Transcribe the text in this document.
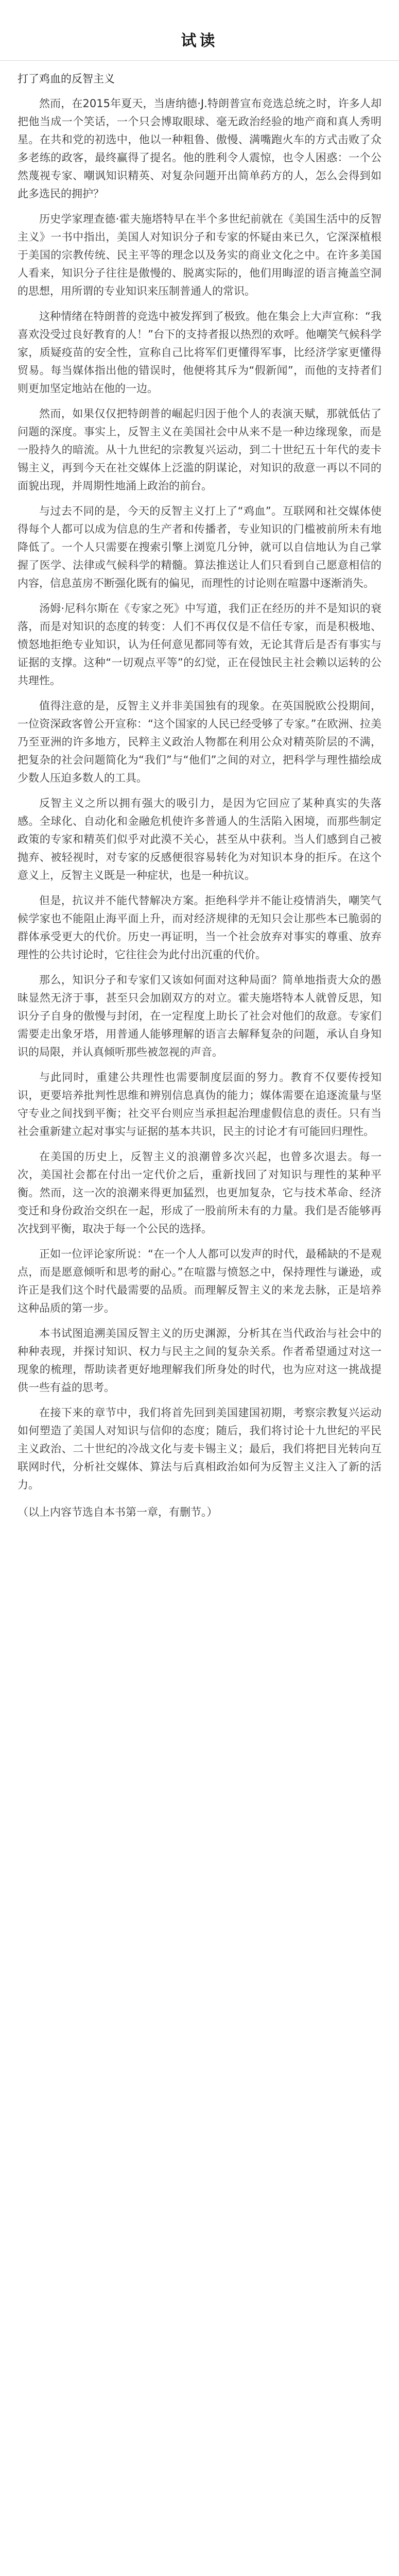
试读

打了鸡血的反智主义

然而，在2015年夏天，当唐纳德·J.特朗普宣布竞选总统之时，许多人却把他当成一个笑话，一个只会博取眼球、毫无政治经验的地产商和真人秀明星。在共和党的初选中，他以一种粗鲁、傲慢、满嘴跑火车的方式击败了众多老练的政客，最终赢得了提名。他的胜利令人震惊，也令人困惑：一个公然蔑视专家、嘲讽知识精英、对复杂问题开出简单药方的人，怎么会得到如此多选民的拥护？

历史学家理查德·霍夫施塔特早在半个多世纪前就在《美国生活中的反智主义》一书中指出，美国人对知识分子和专家的怀疑由来已久，它深深植根于美国的宗教传统、民主平等的理念以及务实的商业文化之中。在许多美国人看来，知识分子往往是傲慢的、脱离实际的，他们用晦涩的语言掩盖空洞的思想，用所谓的专业知识来压制普通人的常识。

这种情绪在特朗普的竞选中被发挥到了极致。他在集会上大声宣称：“我喜欢没受过良好教育的人！”台下的支持者报以热烈的欢呼。他嘲笑气候科学家，质疑疫苗的安全性，宣称自己比将军们更懂得军事，比经济学家更懂得贸易。每当媒体指出他的错误时，他便将其斥为“假新闻”，而他的支持者们则更加坚定地站在他的一边。

然而，如果仅仅把特朗普的崛起归因于他个人的表演天赋，那就低估了问题的深度。事实上，反智主义在美国社会中从来不是一种边缘现象，而是一股持久的暗流。从十九世纪的宗教复兴运动，到二十世纪五十年代的麦卡锡主义，再到今天在社交媒体上泛滥的阴谋论，对知识的敌意一再以不同的面貌出现，并周期性地涌上政治的前台。

与过去不同的是，今天的反智主义打上了“鸡血”。互联网和社交媒体使得每个人都可以成为信息的生产者和传播者，专业知识的门槛被前所未有地降低了。一个人只需要在搜索引擎上浏览几分钟，就可以自信地认为自己掌握了医学、法律或气候科学的精髓。算法推送让人们只看到自己愿意相信的内容，信息茧房不断强化既有的偏见，而理性的讨论则在喧嚣中逐渐消失。

汤姆·尼科尔斯在《专家之死》中写道，我们正在经历的并不是知识的衰落，而是对知识的态度的转变：人们不再仅仅是不信任专家，而是积极地、愤怒地拒绝专业知识，认为任何意见都同等有效，无论其背后是否有事实与证据的支撑。这种“一切观点平等”的幻觉，正在侵蚀民主社会赖以运转的公共理性。

值得注意的是，反智主义并非美国独有的现象。在英国脱欧公投期间，一位资深政客曾公开宣称：“这个国家的人民已经受够了专家。”在欧洲、拉美乃至亚洲的许多地方，民粹主义政治人物都在利用公众对精英阶层的不满，把复杂的社会问题简化为“我们”与“他们”之间的对立，把科学与理性描绘成少数人压迫多数人的工具。

反智主义之所以拥有强大的吸引力，是因为它回应了某种真实的失落感。全球化、自动化和金融危机使许多普通人的生活陷入困境，而那些制定政策的专家和精英们似乎对此漠不关心，甚至从中获利。当人们感到自己被抛弃、被轻视时，对专家的反感便很容易转化为对知识本身的拒斥。在这个意义上，反智主义既是一种症状，也是一种抗议。

但是，抗议并不能代替解决方案。拒绝科学并不能让疫情消失，嘲笑气候学家也不能阻止海平面上升，而对经济规律的无知只会让那些本已脆弱的群体承受更大的代价。历史一再证明，当一个社会放弃对事实的尊重、放弃理性的公共讨论时，它往往会为此付出沉重的代价。

那么，知识分子和专家们又该如何面对这种局面？简单地指责大众的愚昧显然无济于事，甚至只会加剧双方的对立。霍夫施塔特本人就曾反思，知识分子自身的傲慢与封闭，在一定程度上助长了社会对他们的敌意。专家们需要走出象牙塔，用普通人能够理解的语言去解释复杂的问题，承认自身知识的局限，并认真倾听那些被忽视的声音。

与此同时，重建公共理性也需要制度层面的努力。教育不仅要传授知识，更要培养批判性思维和辨别信息真伪的能力；媒体需要在追逐流量与坚守专业之间找到平衡；社交平台则应当承担起治理虚假信息的责任。只有当社会重新建立起对事实与证据的基本共识，民主的讨论才有可能回归理性。

在美国的历史上，反智主义的浪潮曾多次兴起，也曾多次退去。每一次，美国社会都在付出一定代价之后，重新找回了对知识与理性的某种平衡。然而，这一次的浪潮来得更加猛烈，也更加复杂，它与技术革命、经济变迁和身份政治交织在一起，形成了一股前所未有的力量。我们是否能够再次找到平衡，取决于每一个公民的选择。

正如一位评论家所说：“在一个人人都可以发声的时代，最稀缺的不是观点，而是愿意倾听和思考的耐心。”在喧嚣与愤怒之中，保持理性与谦逊，或许正是我们这个时代最需要的品质。而理解反智主义的来龙去脉，正是培养这种品质的第一步。

本书试图追溯美国反智主义的历史渊源，分析其在当代政治与社会中的种种表现，并探讨知识、权力与民主之间的复杂关系。作者希望通过对这一现象的梳理，帮助读者更好地理解我们所身处的时代，也为应对这一挑战提供一些有益的思考。

在接下来的章节中，我们将首先回到美国建国初期，考察宗教复兴运动如何塑造了美国人对知识与信仰的态度；随后，我们将讨论十九世纪的平民主义政治、二十世纪的冷战文化与麦卡锡主义；最后，我们将把目光转向互联网时代，分析社交媒体、算法与后真相政治如何为反智主义注入了新的活力。

（以上内容节选自本书第一章，有删节。）
